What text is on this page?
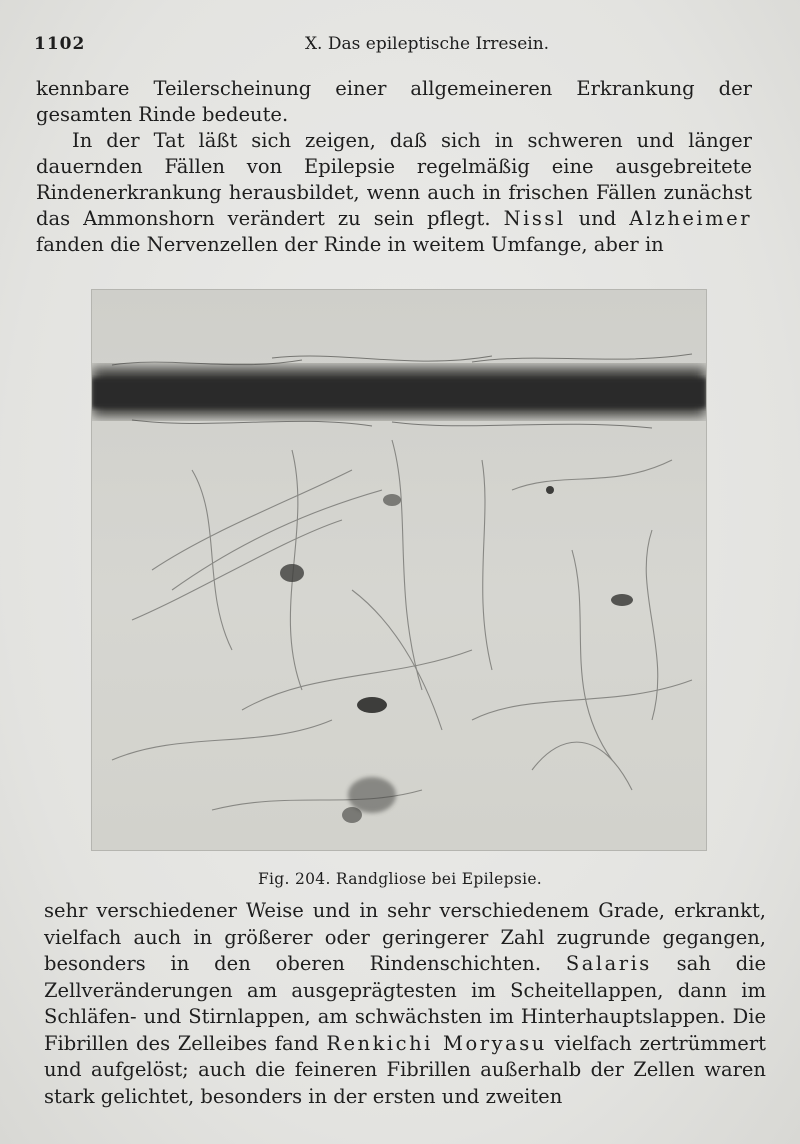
1102	X. Das epileptische Irresein.

kennbare Teilerscheinung einer allgemeineren Erkrankung der gesamten Rinde bedeute.

In der Tat läßt sich zeigen, daß sich in schweren und länger dauernden Fällen von Epilepsie regelmäßig eine ausgebreitete Rindenerkrankung herausbildet, wenn auch in frischen Fällen zunächst das Ammonshorn verändert zu sein pflegt. Nissl und Alzheimer fanden die Nervenzellen der Rinde in weitem Umfange, aber in

Fig. 204. Randgliose bei Epilepsie.

sehr verschiedener Weise und in sehr verschiedenem Grade, erkrankt, vielfach auch in größerer oder geringerer Zahl zugrunde gegangen, besonders in den oberen Rindenschichten. Salaris sah die Zellveränderungen am ausgeprägtesten im Scheitellappen, dann im Schläfen- und Stirnlappen, am schwächsten im Hinterhauptslappen. Die Fibrillen des Zelleibes fand Renkichi Moryasu vielfach zertrümmert und aufgelöst; auch die feineren Fibrillen außerhalb der Zellen waren stark gelichtet, besonders in der ersten und zweiten
